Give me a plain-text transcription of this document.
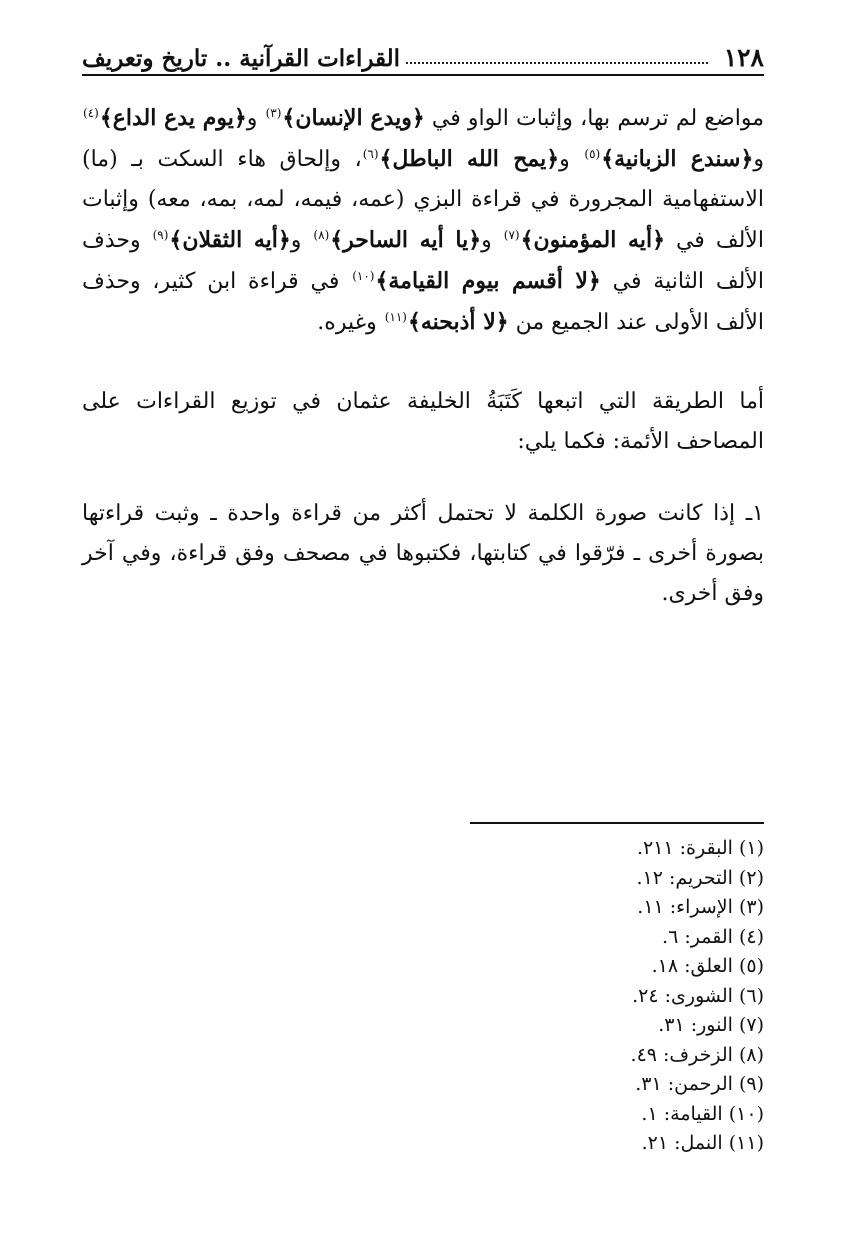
١٢٨
القراءات القرآنية .. تاريخ وتعريف

مواضع لم ترسم بها، وإثبات الواو في ﴿ويدع الإنسان﴾$^{(٣)}$ و﴿يوم يدع الداع﴾$^{(٤)}$ و﴿سندع الزبانية﴾$^{(٥)}$ و﴿يمح الله الباطل﴾$^{(٦)}$، وإلحاق هاء السكت بـ (ما) الاستفهامية المجرورة في قراءة البزي (عمه، فيمه، لمه، بمه، معه) وإثبات الألف في ﴿أيه المؤمنون﴾$^{(٧)}$ و﴿يا أيه الساحر﴾$^{(٨)}$ و﴿أيه الثقلان﴾$^{(٩)}$ وحذف الألف الثانية في ﴿لا أقسم بيوم القيامة﴾$^{(١٠)}$ في قراءة ابن كثير، وحذف الألف الأولى عند الجميع من ﴿لا أذبحنه﴾$^{(١١)}$ وغيره.

أما الطريقة التي اتبعها كَتَبَةُ الخليفة عثمان في توزيع القراءات على المصاحف الأئمة: فكما يلي:

١ـ إذا كانت صورة الكلمة لا تحتمل أكثر من قراءة واحدة ـ وثبت قراءتها بصورة أخرى ـ فرّقوا في كتابتها، فكتبوها في مصحف وفق قراءة، وفي آخر وفق أخرى.

(١) البقرة: ٢١١.
(٢) التحريم: ١٢.
(٣) الإسراء: ١١.
(٤) القمر: ٦.
(٥) العلق: ١٨.
(٦) الشورى: ٢٤.
(٧) النور: ٣١.
(٨) الزخرف: ٤٩.
(٩) الرحمن: ٣١.
(١٠) القيامة: ١.
(١١) النمل: ٢١.
